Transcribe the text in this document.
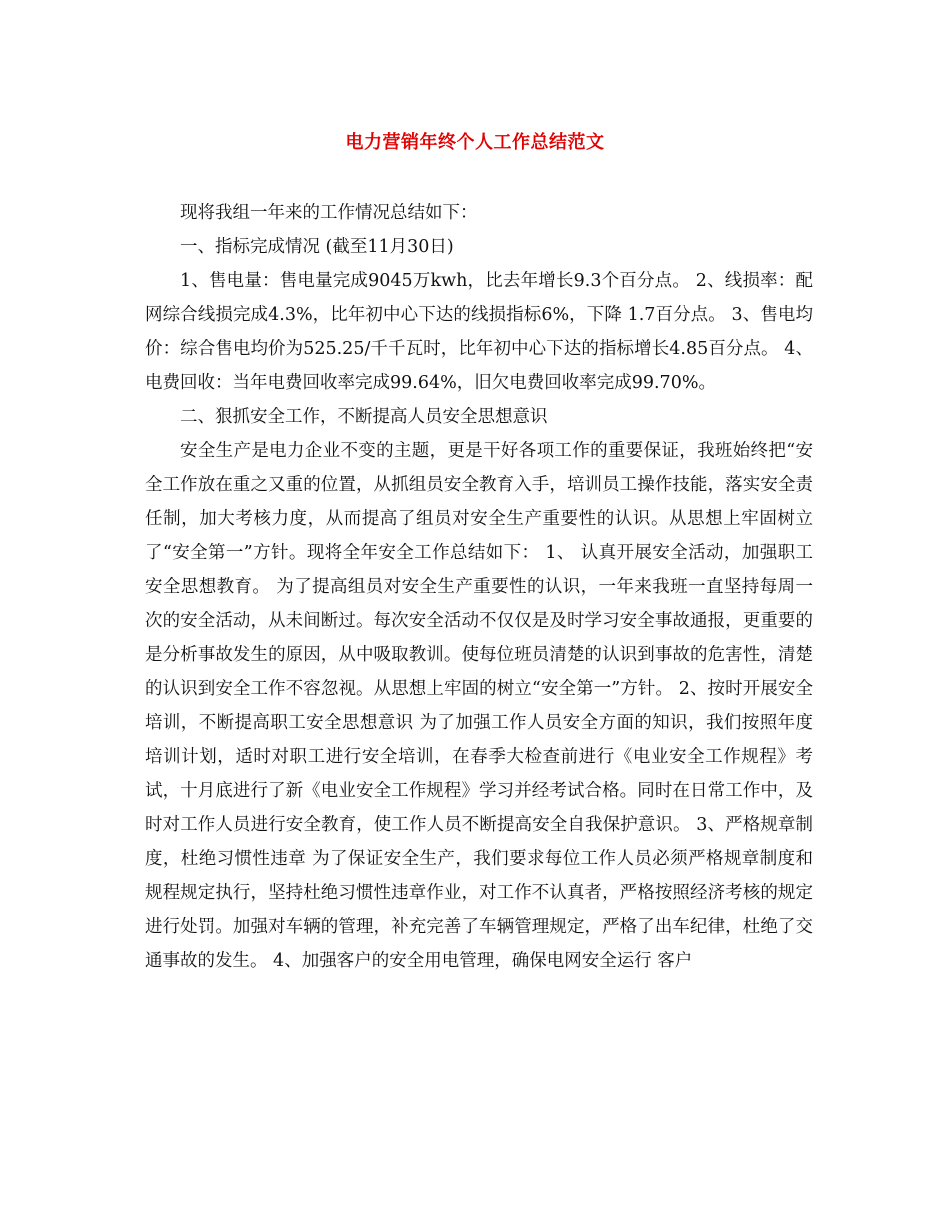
电力营销年终个人工作总结范文

现将我组一年来的工作情况总结如下：

一、指标完成情况 (截至11月30日)

1、售电量：售电量完成9045万kwh，比去年增长9.3个百分点。 2、线损率：配网综合线损完成4.3%，比年初中心下达的线损指标6%，下降 1.7百分点。 3、售电均价：综合售电均价为525.25/千千瓦时，比年初中心下达的指标增长4.85百分点。 4、电费回收：当年电费回收率完成99.64%，旧欠电费回收率完成99.70%。

二、狠抓安全工作，不断提高人员安全思想意识

安全生产是电力企业不变的主题，更是干好各项工作的重要保证，我班始终把“安全工作放在重之又重的位置，从抓组员安全教育入手，培训员工操作技能，落实安全责任制，加大考核力度，从而提高了组员对安全生产重要性的认识。从思想上牢固树立了“安全第一”方针。现将全年安全工作总结如下： 1、 认真开展安全活动，加强职工安全思想教育。 为了提高组员对安全生产重要性的认识，一年来我班一直坚持每周一次的安全活动，从未间断过。每次安全活动不仅仅是及时学习安全事故通报，更重要的是分析事故发生的原因，从中吸取教训。使每位班员清楚的认识到事故的危害性，清楚的认识到安全工作不容忽视。从思想上牢固的树立“安全第一”方针。 2、按时开展安全培训，不断提高职工安全思想意识 为了加强工作人员安全方面的知识，我们按照年度培训计划，适时对职工进行安全培训，在春季大检查前进行《电业安全工作规程》考试，十月底进行了新《电业安全工作规程》学习并经考试合格。同时在日常工作中，及时对工作人员进行安全教育，使工作人员不断提高安全自我保护意识。 3、严格规章制度，杜绝习惯性违章 为了保证安全生产，我们要求每位工作人员必须严格规章制度和规程规定执行，坚持杜绝习惯性违章作业，对工作不认真者，严格按照经济考核的规定进行处罚。加强对车辆的管理，补充完善了车辆管理规定，严格了出车纪律，杜绝了交通事故的发生。 4、加强客户的安全用电管理，确保电网安全运行 客户
